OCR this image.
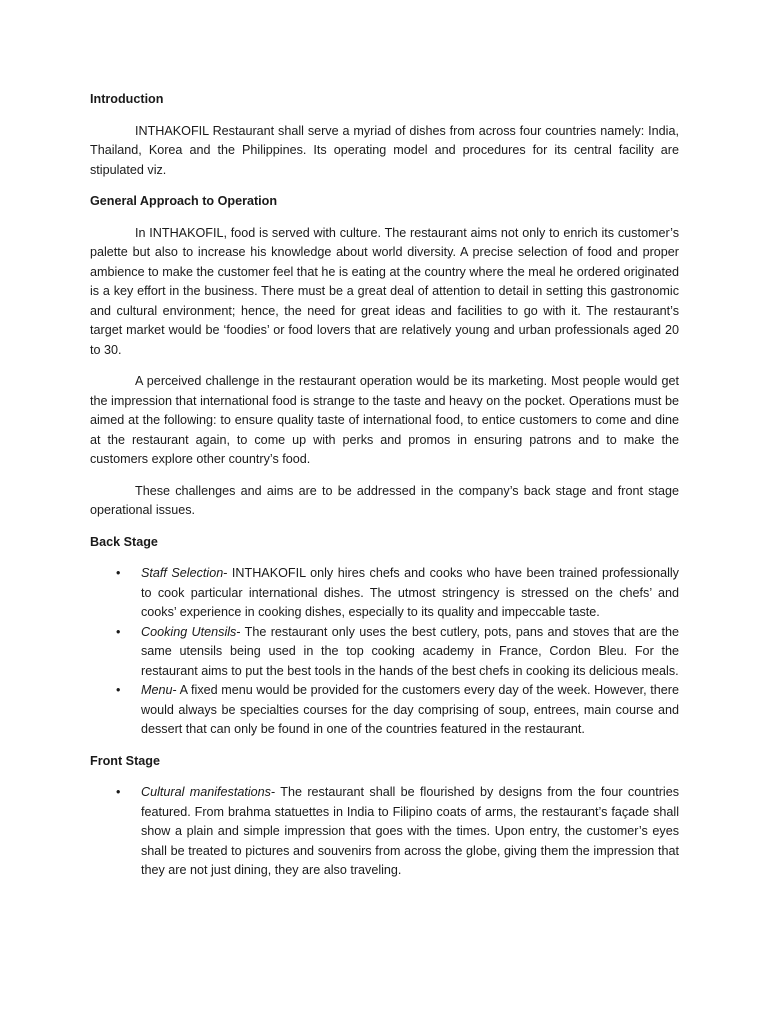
Introduction

INTHAKOFIL Restaurant shall serve a myriad of dishes from across four countries namely: India, Thailand, Korea and the Philippines. Its operating model and procedures for its central facility are stipulated viz.

General Approach to Operation

In INTHAKOFIL, food is served with culture. The restaurant aims not only to enrich its customer’s palette but also to increase his knowledge about world diversity. A precise selection of food and proper ambience to make the customer feel that he is eating at the country where the meal he ordered originated is a key effort in the business. There must be a great deal of attention to detail in setting this gastronomic and cultural environment; hence, the need for great ideas and facilities to go with it. The restaurant’s target market would be ‘foodies’ or food lovers that are relatively young and urban professionals aged 20 to 30.

A perceived challenge in the restaurant operation would be its marketing. Most people would get the impression that international food is strange to the taste and heavy on the pocket. Operations must be aimed at the following: to ensure quality taste of international food, to entice customers to come and dine at the restaurant again, to come up with perks and promos in ensuring patrons and to make the customers explore other country’s food.

These challenges and aims are to be addressed in the company’s back stage and front stage operational issues.

Back Stage
• Staff Selection- INTHAKOFIL only hires chefs and cooks who have been trained professionally to cook particular international dishes. The utmost stringency is stressed on the chefs’ and cooks’ experience in cooking dishes, especially to its quality and impeccable taste.
• Cooking Utensils- The restaurant only uses the best cutlery, pots, pans and stoves that are the same utensils being used in the top cooking academy in France, Cordon Bleu. For the restaurant aims to put the best tools in the hands of the best chefs in cooking its delicious meals.
• Menu- A fixed menu would be provided for the customers every day of the week. However, there would always be specialties courses for the day comprising of soup, entrees, main course and dessert that can only be found in one of the countries featured in the restaurant.
Front Stage
• Cultural manifestations- The restaurant shall be flourished by designs from the four countries featured. From brahma statuettes in India to Filipino coats of arms, the restaurant’s façade shall show a plain and simple impression that goes with the times. Upon entry, the customer’s eyes shall be treated to pictures and souvenirs from across the globe, giving them the impression that they are not just dining, they are also traveling.
